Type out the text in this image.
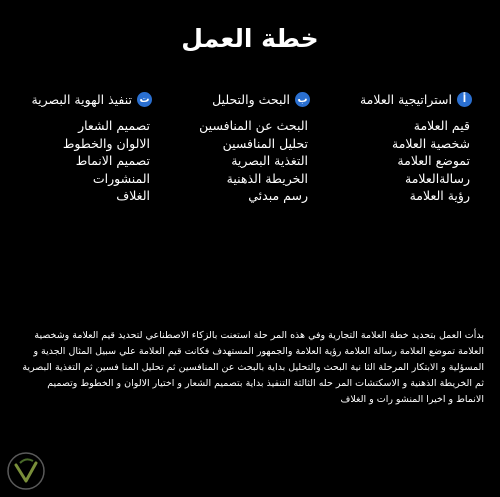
خطة العمل
أ
استراتيجية العلامة
قيم العلامة
شخصية العلامة
تموضع العلامة
رسالةالعلامة
رؤية العلامة
ب
البحث والتحليل
البحث عن المنافسين
تحليل المنافسين
التغذية البصرية
الخريطة الذهنية
رسم مبدئي
ت
تنفيذ الهوية البصرية
تصميم الشعار
الالوان والخطوط
تصميم الانماط
المنشورات
الغلاف
بدأت العمل بتحديد خطة العلامة التجارية وفي هذه المر حلة استعنت بالزكاء الاصطناعي لتحديد قيم العلامة وشخصية العلامة تموضع العلامة رسالة العلامة رؤية العلامة والجمهور المستهدف فكانت قيم العلامة علي سبيل المثال الجدية و المسؤلية و الابتكار المرحلة الثا نية البحث والتحليل بداية بالبحث عن المنافسين ثم تحليل المنا فسين ثم التغذية البصرية ثم الخريطة الذهنية و الاسكتشات المر حله الثالثة التنفيذ بداية بتصميم الشعار و اختيار الالوان و الخطوط وتصميم الانماط و اخيرا المنشو رات و الغلاف
